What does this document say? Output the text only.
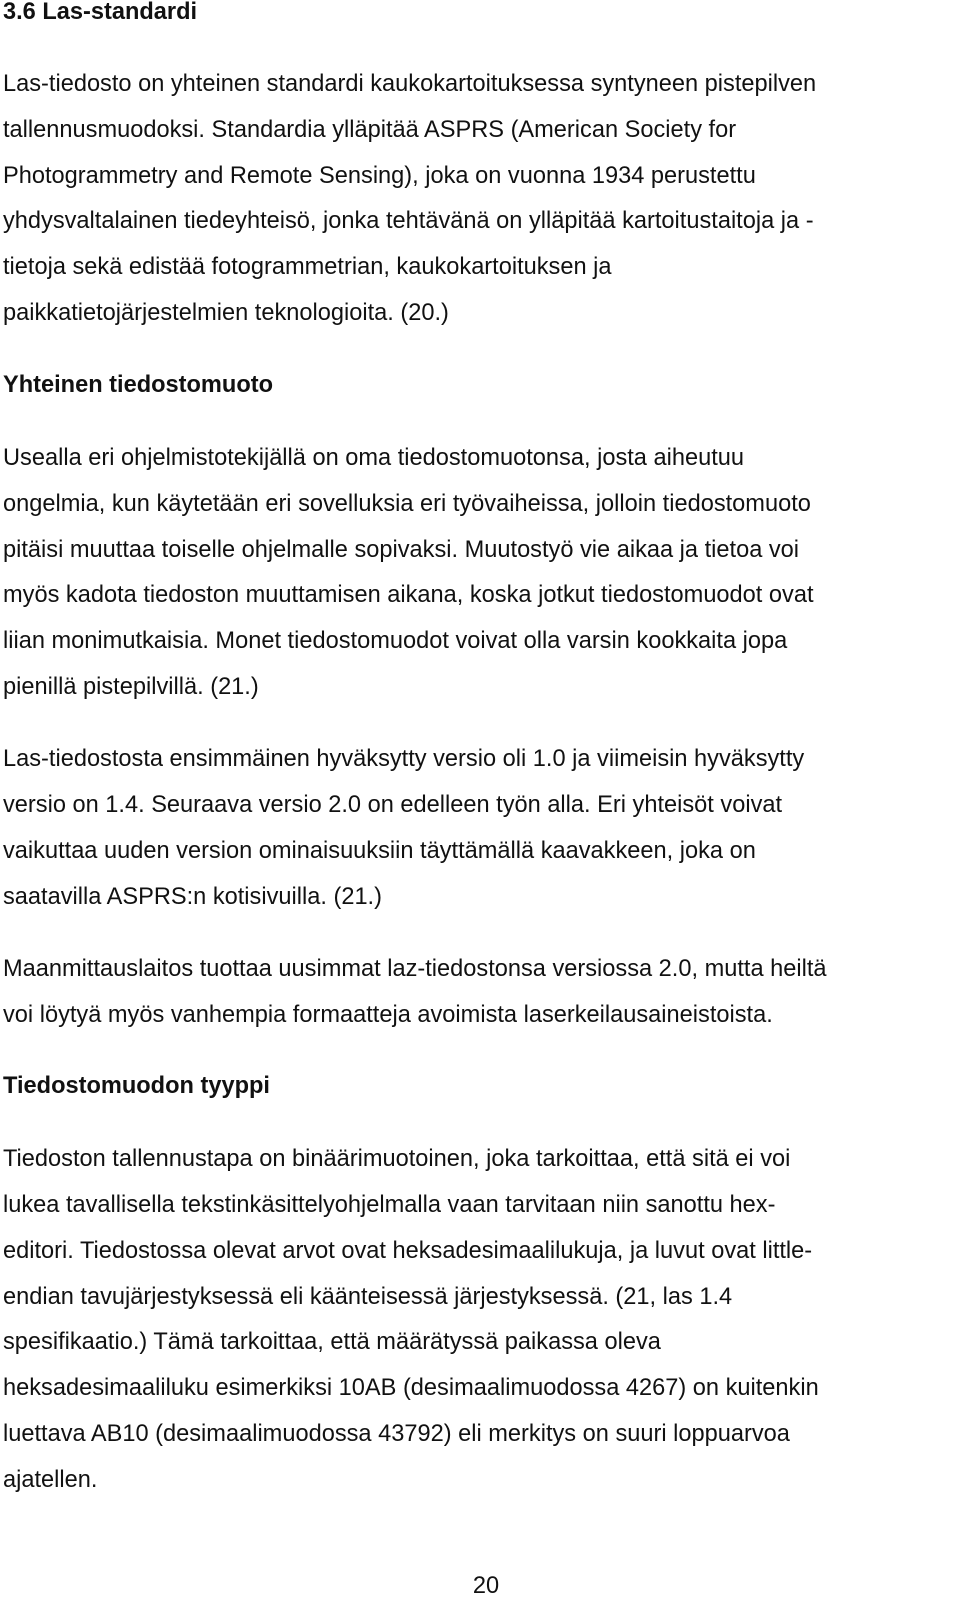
3.6 Las-standardi
Las-tiedosto on yhteinen standardi kaukokartoituksessa syntyneen pistepilven
tallennusmuodoksi. Standardia ylläpitää ASPRS (American Society for
Photogrammetry and Remote Sensing), joka on vuonna 1934 perustettu
yhdysvaltalainen tiedeyhteisö, jonka tehtävänä on ylläpitää kartoitustaitoja ja -
tietoja sekä edistää fotogrammetrian, kaukokartoituksen ja
paikkatietojärjestelmien teknologioita. (20.)
Yhteinen tiedostomuoto
Usealla eri ohjelmistotekijällä on oma tiedostomuotonsa, josta aiheutuu
ongelmia, kun käytetään eri sovelluksia eri työvaiheissa, jolloin tiedostomuoto
pitäisi muuttaa toiselle ohjelmalle sopivaksi. Muutostyö vie aikaa ja tietoa voi
myös kadota tiedoston muuttamisen aikana, koska jotkut tiedostomuodot ovat
liian monimutkaisia. Monet tiedostomuodot voivat olla varsin kookkaita jopa
pienillä pistepilvillä. (21.)
Las-tiedostosta ensimmäinen hyväksytty versio oli 1.0 ja viimeisin hyväksytty
versio on 1.4. Seuraava versio 2.0 on edelleen työn alla. Eri yhteisöt voivat
vaikuttaa uuden version ominaisuuksiin täyttämällä kaavakkeen, joka on
saatavilla ASPRS:n kotisivuilla. (21.)
Maanmittauslaitos tuottaa uusimmat laz-tiedostonsa versiossa 2.0, mutta heiltä
voi löytyä myös vanhempia formaatteja avoimista laserkeilausaineistoista.
Tiedostomuodon tyyppi
Tiedoston tallennustapa on binäärimuotoinen, joka tarkoittaa, että sitä ei voi
lukea tavallisella tekstinkäsittelyohjelmalla vaan tarvitaan niin sanottu hex-
editori. Tiedostossa olevat arvot ovat heksadesimaalilukuja, ja luvut ovat little-
endian tavujärjestyksessä eli käänteisessä järjestyksessä. (21, las 1.4
spesifikaatio.) Tämä tarkoittaa, että määrätyssä paikassa oleva
heksadesimaaliluku esimerkiksi 10AB (desimaalimuodossa 4267) on kuitenkin
luettava AB10 (desimaalimuodossa 43792) eli merkitys on suuri loppuarvoa
ajatellen.
20
